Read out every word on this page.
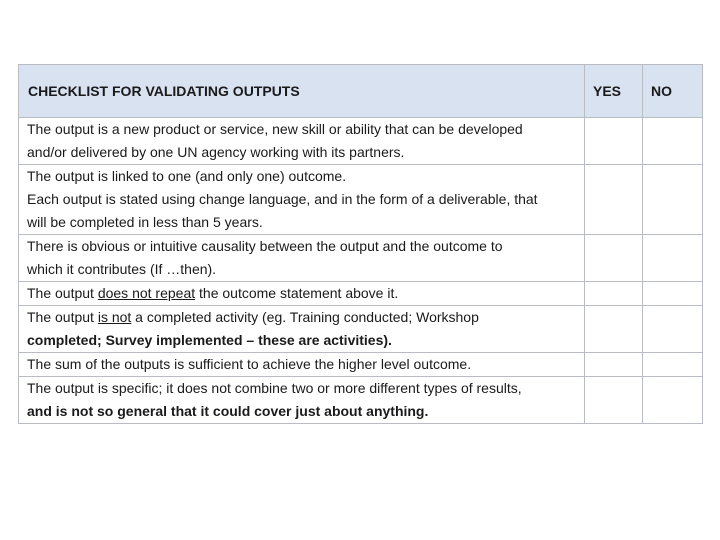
CHECKLIST FOR VALIDATING OUTPUTS	YES	NO

The output is a new product or service, new skill or ability that can be developed
and/or delivered by one UN agency working with its partners.		

The output is linked to one (and only one) outcome.
Each output is stated using change language, and in the form of a deliverable, that
will be completed in less than 5 years.		

There is obvious or intuitive causality between the output and the outcome to
which it contributes (If …then).		

The output does not repeat the outcome statement above it.		

The output is not a completed activity (eg. Training conducted; Workshop
completed; Survey implemented – these are activities).		

The sum of the outputs is sufficient to achieve the higher level outcome.		

The output is specific; it does not combine two or more different types of results,
and is not so general that it could cover just about anything.		
